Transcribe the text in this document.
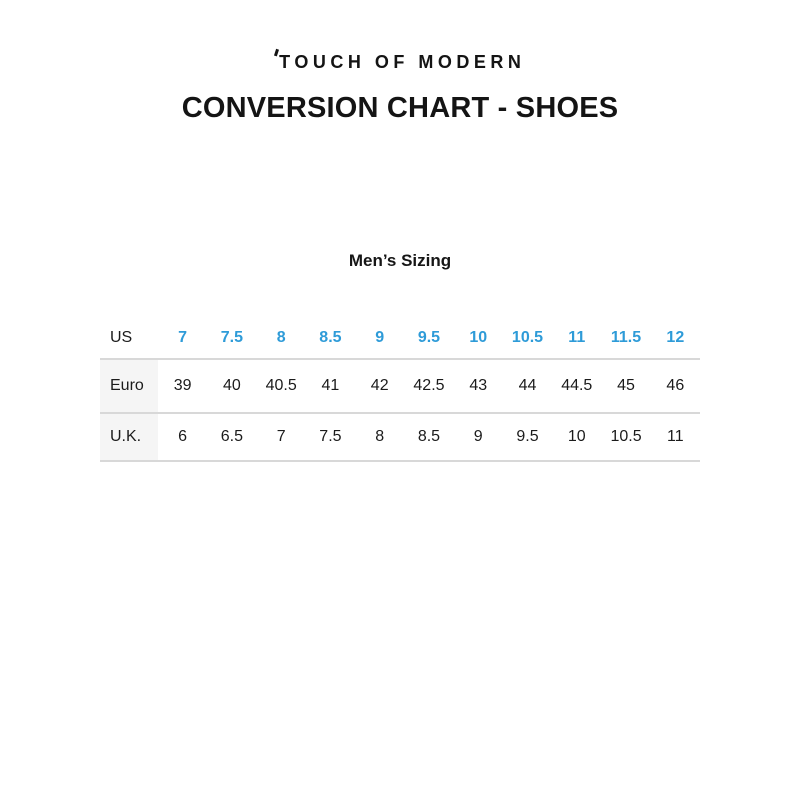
TOUCH OF MODERN
CONVERSION CHART - SHOES
Men’s Sizing
US	7	7.5	8	8.5	9	9.5	10	10.5	11	11.5	12
Euro	39	40	40.5	41	42	42.5	43	44	44.5	45	46
U.K.	6	6.5	7	7.5	8	8.5	9	9.5	10	10.5	11
